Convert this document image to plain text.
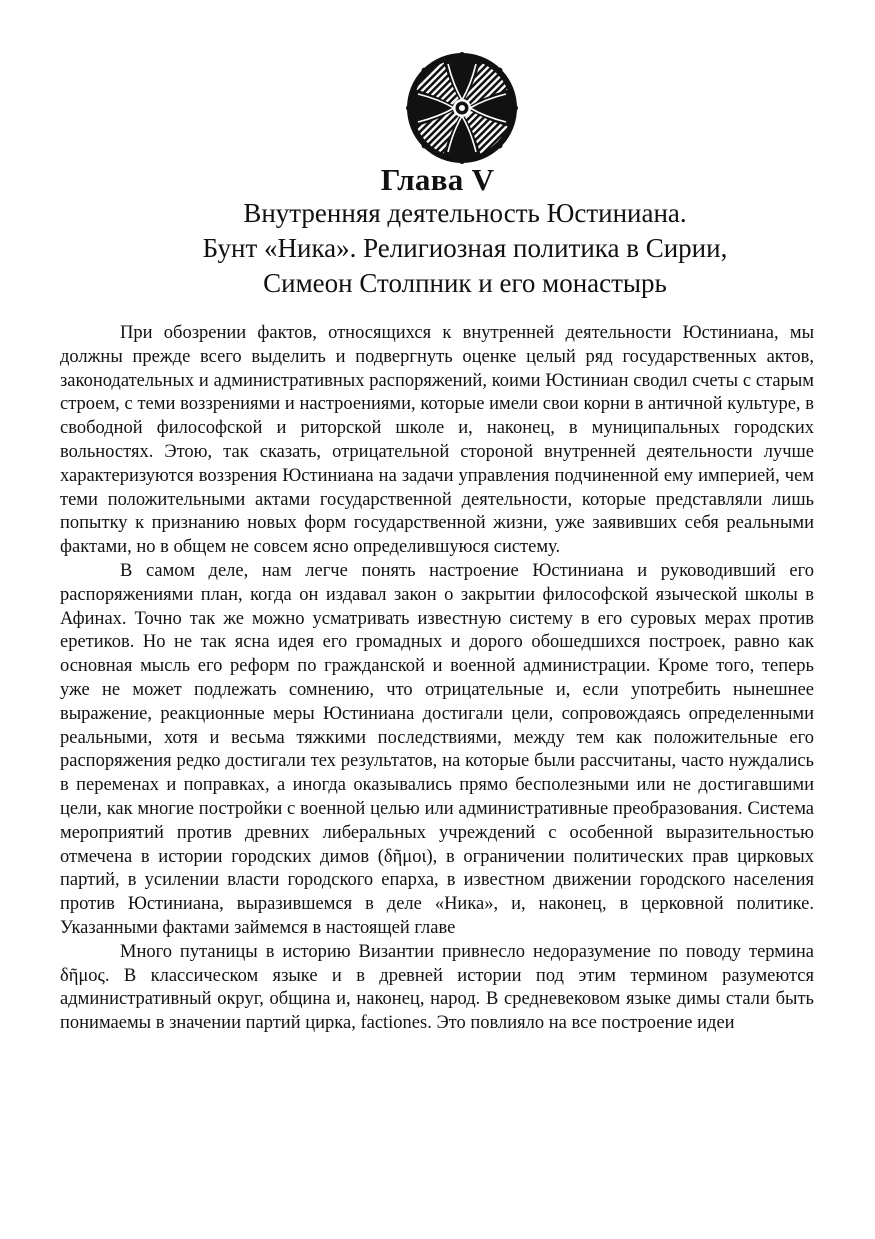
Глава V
Внутренняя деятельность Юстиниана.
Бунт «Ника». Религиозная политика в Сирии,
Симеон Столпник и его монастырь

При обозрении фактов, относящихся к внутренней деятельности Юстиниана, мы должны прежде всего выделить и подвергнуть оценке целый ряд государственных актов, законодательных и административных распоряжений, коими Юстиниан сводил счеты с старым строем, с теми воззрениями и настроениями, которые имели свои корни в античной культуре, в свободной философской и риторской школе и, наконец, в муниципальных городских вольностях. Этою, так сказать, отрицательной стороной внутренней деятельности лучше характеризуются воззрения Юстиниана на задачи управления подчиненной ему империей, чем теми положительными актами государственной деятельности, которые представляли лишь попытку к признанию новых форм государственной жизни, уже заявивших себя реальными фактами, но в общем не совсем ясно определившуюся систему.

В самом деле, нам легче понять настроение Юстиниана и руководивший его распоряжениями план, когда он издавал закон о закрытии философской языческой школы в Афинах. Точно так же можно усматривать известную систему в его суровых мерах против еретиков. Но не так ясна идея его громадных и дорого обошедшихся построек, равно как основная мысль его реформ по гражданской и военной администрации. Кроме того, теперь уже не может подлежать сомнению, что отрицательные и, если употребить нынешнее выражение, реакционные меры Юстиниана достигали цели, сопровождаясь определенными реальными, хотя и весьма тяжкими последствиями, между тем как положительные его распоряжения редко достигали тех результатов, на которые были рассчитаны, часто нуждались в переменах и поправках, а иногда оказывались прямо бесполезными или не достигавшими цели, как многие постройки с военной целью или административные преобразования. Система мероприятий против древних либеральных учреждений с особенной выразительностью отмечена в истории городских димов (δῆμοι), в ограничении политических прав цирковых партий, в усилении власти городского епарха, в известном движении городского населения против Юстиниана, выразившемся в деле «Ника», и, наконец, в церковной политике. Указанными фактами займемся в настоящей главе

Много путаницы в историю Византии привнесло недоразумение по поводу термина δῆμος. В классическом языке и в древней истории под этим термином разумеются административный округ, община и, наконец, народ. В средневековом языке димы стали быть понимаемы в значении партий цирка, factiones. Это повлияло на все построение идеи
